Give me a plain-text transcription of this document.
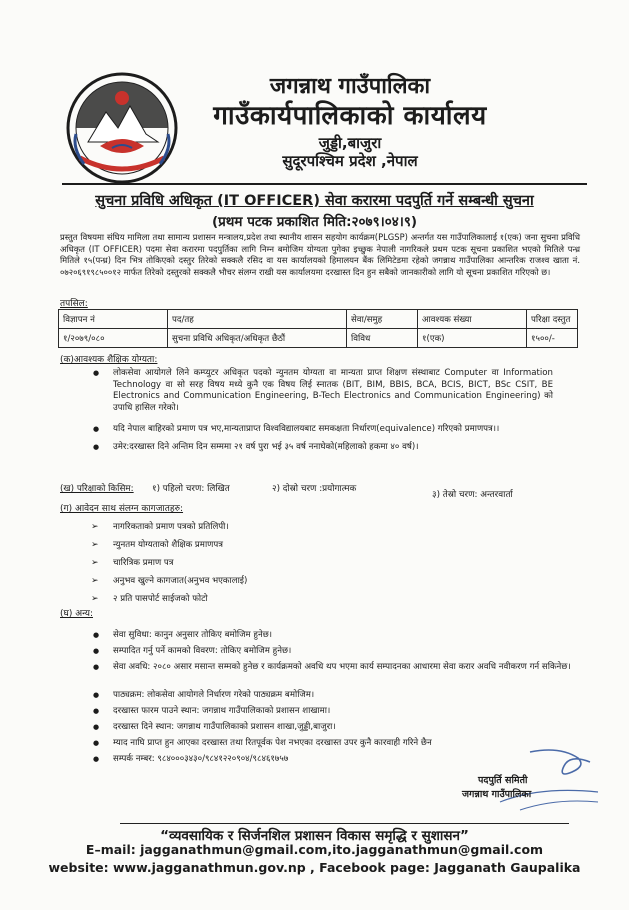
जगन्नाथ गाउँपालिका
गाउँकार्यपालिकाको कार्यालय
जुड्डी,बाजुरा
सुदूरपश्चिम प्रदेश ,नेपाल
सुचना प्रविधि अधिकृत (IT OFFICER) सेवा करारमा पदपुर्ति गर्ने सम्बन्धी सुचना
(प्रथम पटक प्रकाशित मिति:२०७९।०४।९)
प्रस्तुत विषयमा संघिय मामिला तथा सामान्य प्रशासन मन्त्रालय,प्रदेश तथा स्थानीय शासन सहयोग कार्यक्रम(PLGSP) अन्तर्गत यस गाउँपालिकालाई १(एक) जना सुचना प्रविधि अधिकृत (IT OFFICER) पदमा सेवा करारमा पदपुर्तिका लागि निम्न बमोजिम योग्यता पुगेका इच्छुक नेपाली नागरिकले प्रथम पटक सूचना प्रकाशित भएको मितिले पन्ध्र मितिले १५(पन्ध्र) दिन भित्र तोकिएको दस्तुर तिरेको सक्कलै रसिद वा यस कार्यालयको हिमालयन बैंक लिमिटेडमा रहेको जगन्नाथ गाउँपालिका आन्तरिक राजश्व खाता नं. ०७२०६९१९८५००१२ मार्फत तिरेको दस्तुरको सक्कलै भौचर संलग्न राखी यस कार्यालयमा दरखास्त दिन हुन सबैको जानकारीको लागि यो सूचना प्रकाशित गरिएको छ।
तपसिल:
विज्ञापन नं	पद/तह	सेवा/समुह	आवश्यक संख्या	परिक्षा दस्तुत
१/२०७९/०८०	सुचना प्रविधि अधिकृत/अधिकृत छैठौं	विविध	१(एक)	१५००/-
(क)आवश्यक शैक्षिक योग्यता:
● लोकसेवा आयोगले लिने कम्प्युटर अधिकृत पदको न्युनतम योग्यता वा मान्यता प्राप्त शिक्षण संस्थाबाट Computer वा Information Technology वा सो सरह विषय मध्ये कुनै एक विषय लिई स्नातक (BIT, BIM, BBIS, BCA, BCIS, BICT, BSc CSIT, BE Electronics and Communication Engineering, B-Tech Electronics and Communication Engineering) को उपाधि हासिल गरेको।
● यदि नेपाल बाहिरको प्रमाण पत्र भए,मान्यताप्राप्त विश्वविद्यालयबाट समकक्षता निर्धारण(equivalence) गरिएको प्रमाणपत्र।।
● उमेर:दरखास्त दिने अन्तिम दिन सम्ममा २१ वर्ष पुरा भई ३५ वर्ष ननाघेको(महिलाको हकमा ४० वर्ष)।
(ख) परिक्षाको किसिम: १) पहिलो चरण: लिखित	२) दोस्रो चरण :प्रयोगात्मक
३) तेस्रो चरण: अन्तरवार्ता
(ग) आवेदन साथ संलग्न कागजातहरु:
➢ नागरिकताको प्रमाण पत्रको प्रतिलिपी।
➢ न्युनतम योग्यताको शैक्षिक प्रमाणपत्र
➢ चारित्रिक प्रमाण पत्र
➢ अनुभव खुल्ने कागजात(अनुभव भएकालाई)
➢ २ प्रति पासपोर्ट साईजको फोटो
(घ) अन्य:
● सेवा सुविधा: कानुन अनुसार तोकिए बमोजिम हुनेछ।
● सम्पादित गर्नु पर्ने कामको विवरण: तोकिए बमोजिम हुनेछ।
● सेवा अवधि: २०८० असार मसान्त सम्मको हुनेछ र कार्यक्रमको अवधि थप भएमा कार्य सम्पादनका आधारमा सेवा करार अवधि नवीकरण गर्न सकिनेछ।
● पाठ्यक्रम: लोकसेवा आयोगले निर्धारण गरेको पाठ्यक्रम बमोजिम।
● दरखास्त फारम पाउने स्थान: जगन्नाथ गाउँपालिकाको प्रशासन शाखामा।
● दरखास्त दिने स्थान: जगन्नाथ गाउँपालिकाको प्रशासन शाखा,जुड्डी,बाजुरा।
● म्याद नाघि प्राप्त हुन आएका दरखास्त तथा रितपूर्वक पेश नभएका दरखास्त उपर कुनै कारवाही गरिने छैन
● सम्पर्क नम्बर: ९८४०००३४३०/९८४१२२०९०४/९८४६१७५७
पदपुर्ति समिती
जगन्नाथ गाउँपालिका
“व्यवसायिक र सिर्जनशिल प्रशासन विकास समृद्धि र सुशासन”
E–mail: jagganathmun@gmail.com,ito.jagganathmun@gmail.com
website: www.jagganathmun.gov.np , Facebook page: Jagganath Gaupalika
